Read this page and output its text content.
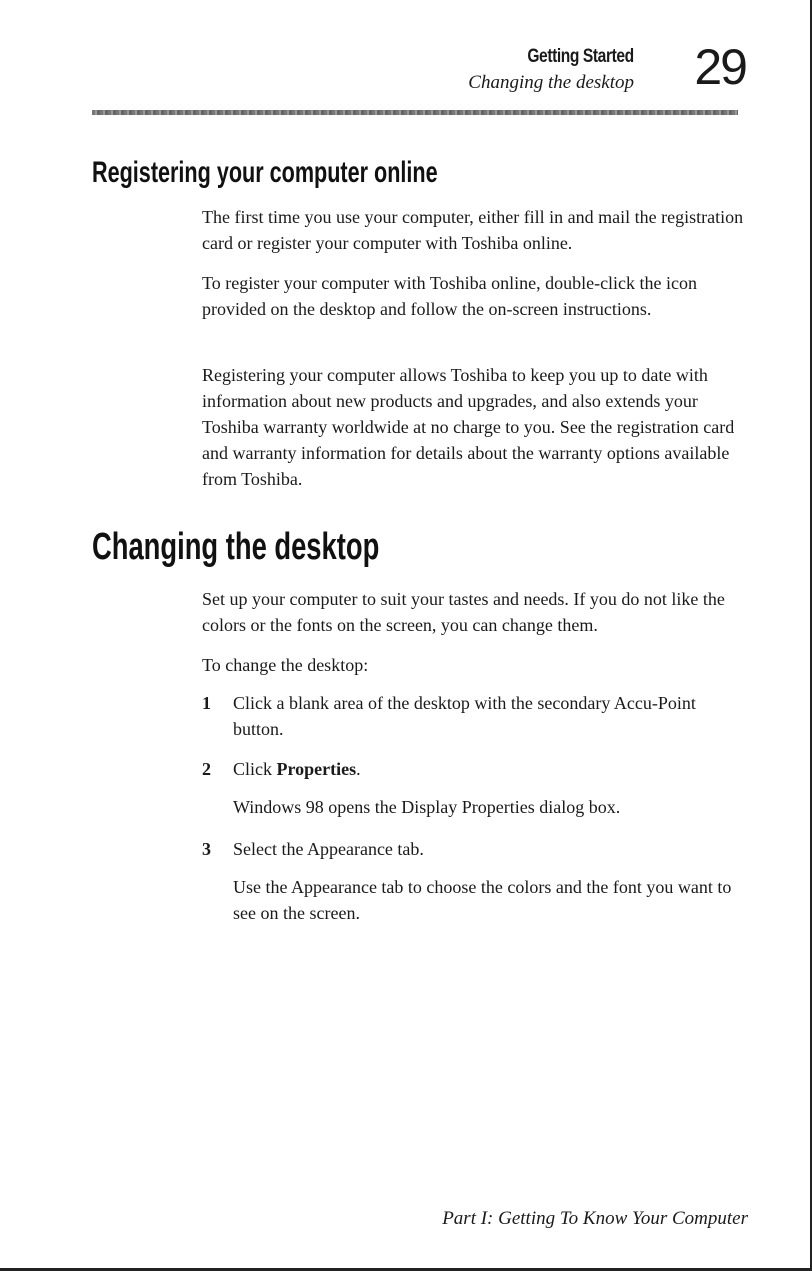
Getting Started
Changing the desktop 29
Registering your computer online

The first time you use your computer, either fill in and mail the registration card or register your computer with Toshiba online.

To register your computer with Toshiba online, double-click the icon provided on the desktop and follow the on-screen instructions.

Registering your computer allows Toshiba to keep you up to date with information about new products and upgrades, and also extends your Toshiba warranty worldwide at no charge to you. See the registration card and warranty information for details about the warranty options available from Toshiba.

Changing the desktop

Set up your computer to suit your tastes and needs. If you do not like the colors or the fonts on the screen, you can change them.

To change the desktop:

1 Click a blank area of the desktop with the secondary Accu-Point button.

2 Click Properties.

Windows 98 opens the Display Properties dialog box.

3 Select the Appearance tab.

Use the Appearance tab to choose the colors and the font you want to see on the screen.

Part I: Getting To Know Your Computer
